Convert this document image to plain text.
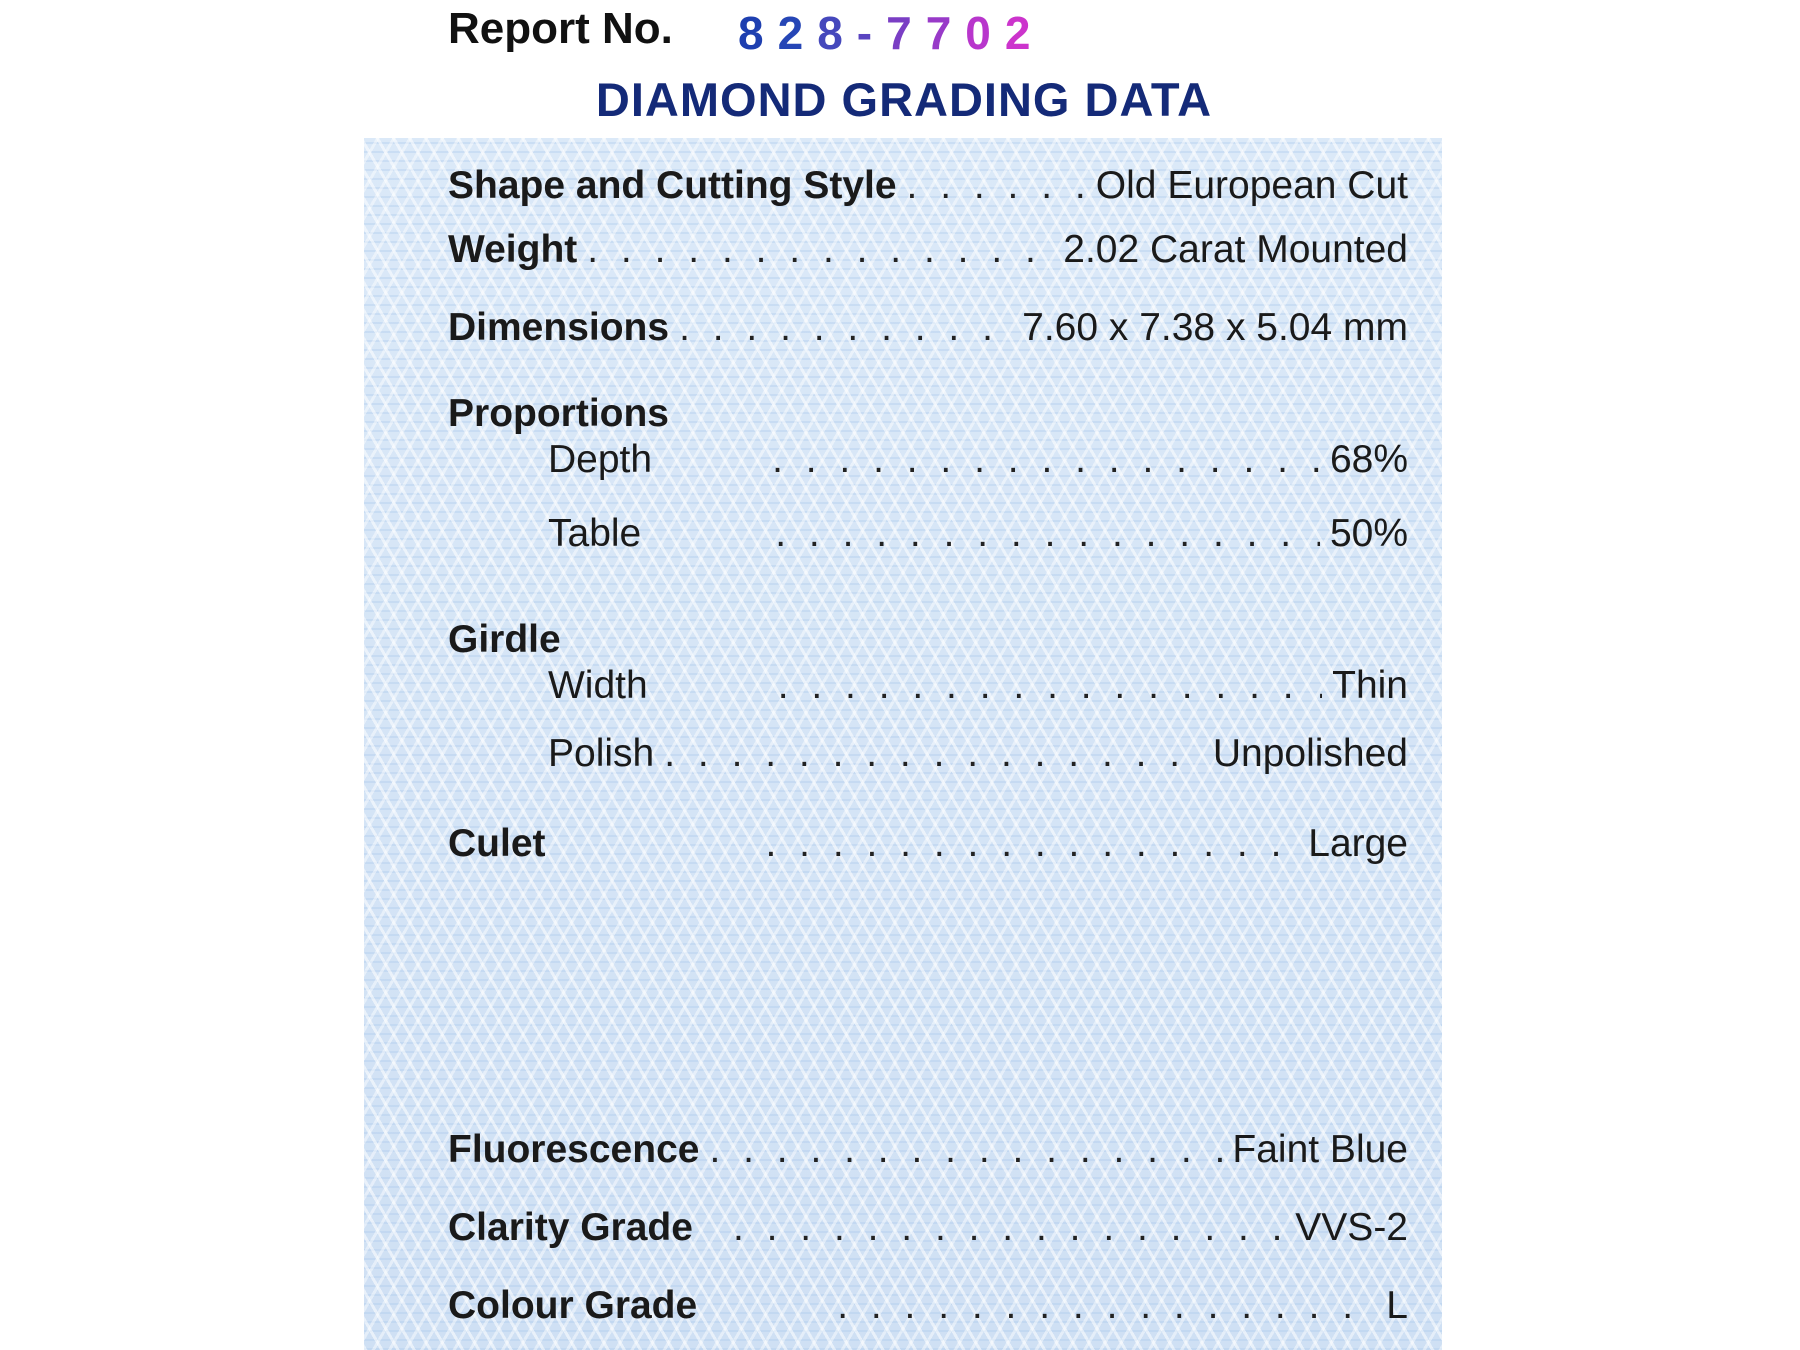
Report No. 828-7702
DIAMOND GRADING DATA
Shape and Cutting Style . . .	Old European Cut
Weight . . .	2.02 Carat Mounted
Dimensions . . .	7.60 x 7.38 x 5.04 mm
Proportions
Depth . . .	68%
Table . . .	50%
Girdle
Width . . .	Thin
Polish . . .	Unpolished
Culet . . .	Large
Fluorescence . . .	Faint Blue
Clarity Grade . . .	VVS-2
Colour Grade . . .	L
